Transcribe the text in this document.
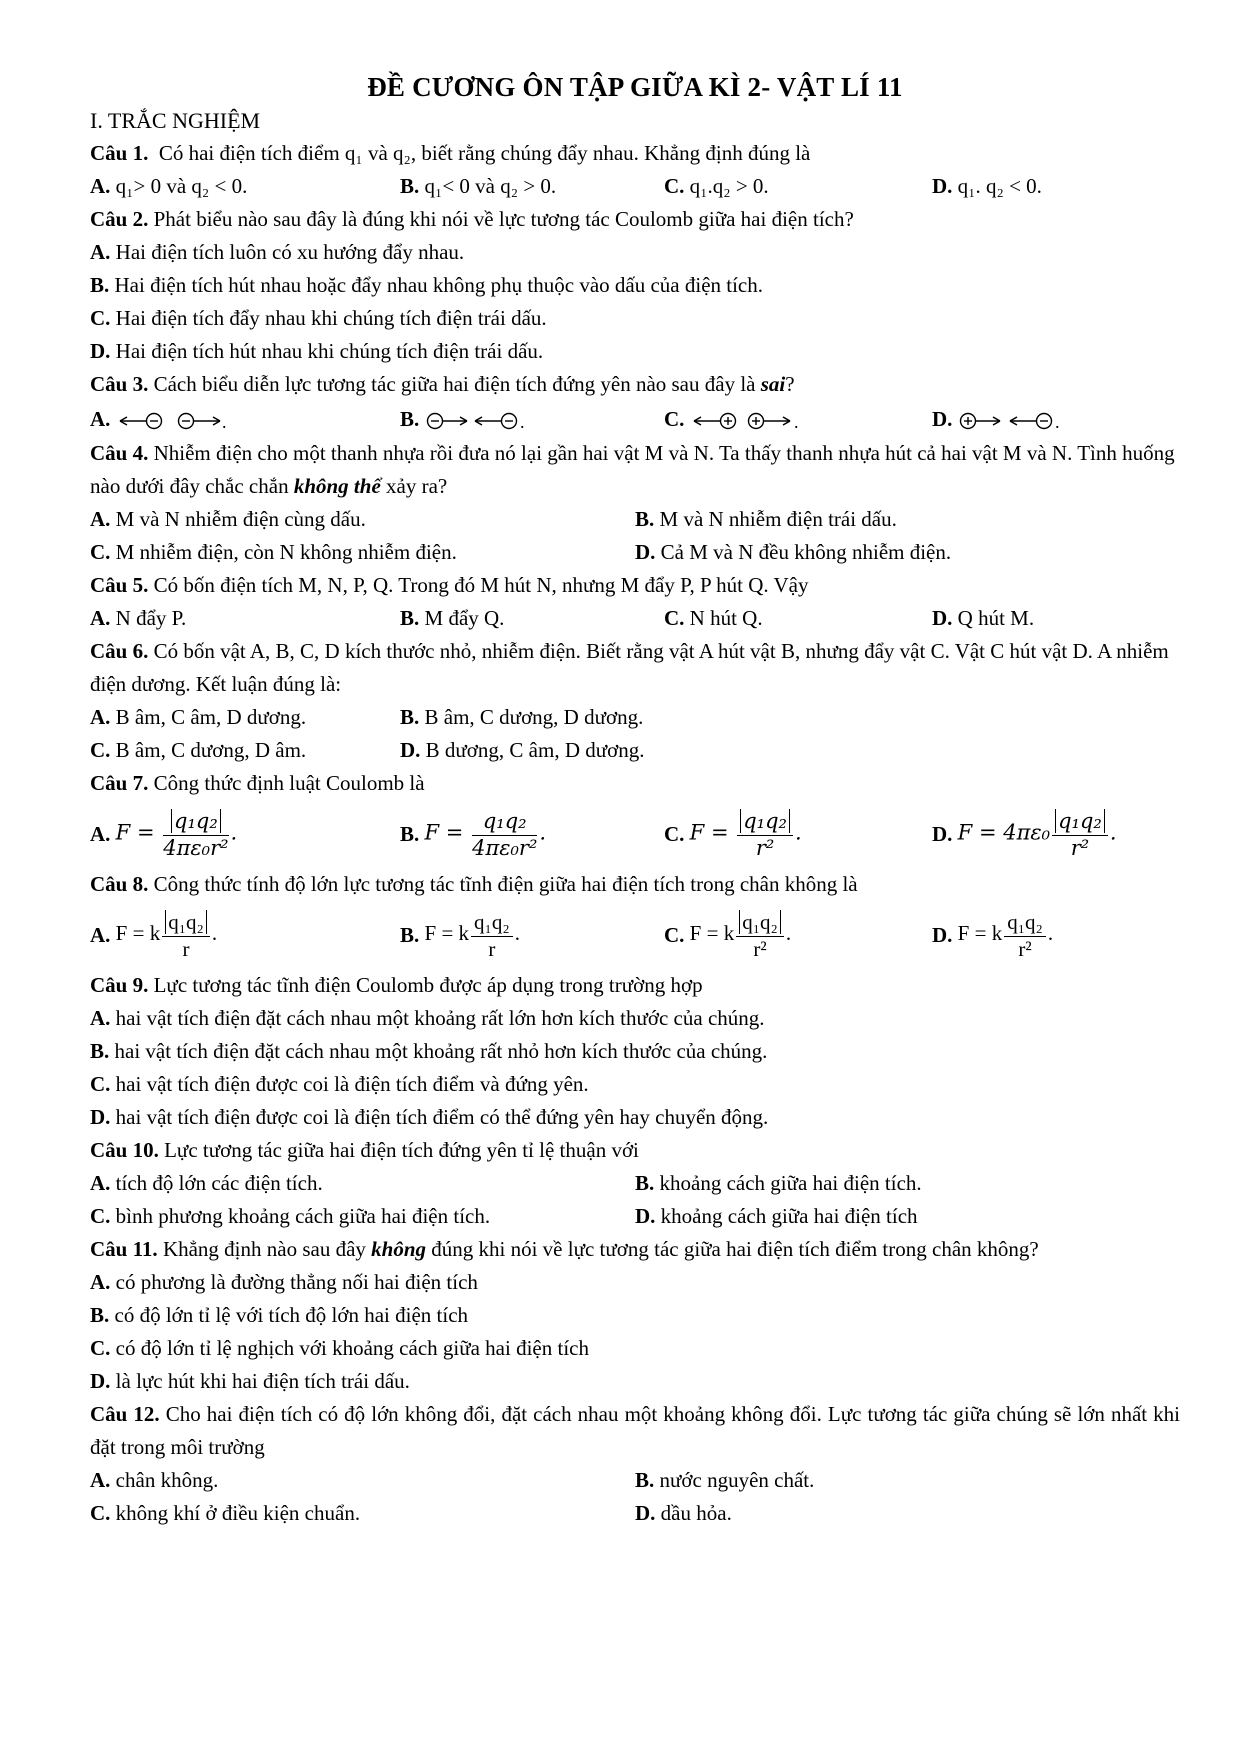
ĐỀ CƯƠNG ÔN TẬP GIỮA KÌ 2- VẬT LÍ 11
I. TRẮC NGHIỆM
Câu 1. Có hai điện tích điểm q₁ và q₂, biết rằng chúng đẩy nhau. Khẳng định đúng là
A. q₁> 0 và q₂ < 0.	B. q₁< 0 và q₂ > 0.	C. q₁.q₂ > 0.	D. q₁. q₂ < 0.
Câu 2. Phát biểu nào sau đây là đúng khi nói về lực tương tác Coulomb giữa hai điện tích?
A. Hai điện tích luôn có xu hướng đẩy nhau.
B. Hai điện tích hút nhau hoặc đẩy nhau không phụ thuộc vào dấu của điện tích.
C. Hai điện tích đẩy nhau khi chúng tích điện trái dấu.
D. Hai điện tích hút nhau khi chúng tích điện trái dấu.
Câu 3. Cách biểu diễn lực tương tác giữa hai điện tích đứng yên nào sau đây là sai?
A.	.	B.	.	C.	.	D.	.
Câu 4. Nhiễm điện cho một thanh nhựa rồi đưa nó lại gần hai vật M và N. Ta thấy thanh nhựa hút cả hai vật M và N. Tình huống nào dưới đây chắc chắn không thể xảy ra?
A. M và N nhiễm điện cùng dấu.	B. M và N nhiễm điện trái dấu.
C. M nhiễm điện, còn N không nhiễm điện.	D. Cả M và N đều không nhiễm điện.
Câu 5. Có bốn điện tích M, N, P, Q. Trong đó M hút N, nhưng M đẩy P, P hút Q. Vậy
A. N đẩy P.	B. M đẩy Q.	C. N hút Q.	D. Q hút M.
Câu 6. Có bốn vật A, B, C, D kích thước nhỏ, nhiễm điện. Biết rằng vật A hút vật B, nhưng đẩy vật C. Vật C hút vật D. A nhiễm điện dương. Kết luận đúng là:
A. B âm, C âm, D dương.	B. B âm, C dương, D dương.
C. B âm, C dương, D âm.	D. B dương, C âm, D dương.
Câu 7. Công thức định luật Coulomb là
A.
$F = \frac{\text{q₁q₂}}{\text{4πε₀r²}}$ .	B.
$F = \frac{\text{q₁q₂}}{\text{4πε₀r²}}$ .	C.
$F = \frac{\text{q₁q₂}}{\text{r²}}$ .	D.
$F = 4\pi\varepsilon_0 \frac{\text{q₁q₂}}{\text{r²}}$ .
Câu 8. Công thức tính độ lớn lực tương tác tĩnh điện giữa hai điện tích trong chân không là
A.
F = k $\frac{\text{q₁q₂}}{r}$ .	B.
F = k $\frac{\text{q₁q₂}}{r}$ .	C.
F = k $\frac{\text{q₁q₂}}{\text{r²}}$ .	D.
F = k $\frac{\text{q₁q₂}}{\text{r²}}$ .
Câu 9. Lực tương tác tĩnh điện Coulomb được áp dụng trong trường hợp
A. hai vật tích điện đặt cách nhau một khoảng rất lớn hơn kích thước của chúng.
B. hai vật tích điện đặt cách nhau một khoảng rất nhỏ hơn kích thước của chúng.
C. hai vật tích điện được coi là điện tích điểm và đứng yên.
D. hai vật tích điện được coi là điện tích điểm có thể đứng yên hay chuyển động.
Câu 10. Lực tương tác giữa hai điện tích đứng yên tỉ lệ thuận với
A. tích độ lớn các điện tích.	B. khoảng cách giữa hai điện tích.
C. bình phương khoảng cách giữa hai điện tích.	D. khoảng cách giữa hai điện tích
Câu 11. Khẳng định nào sau đây không đúng khi nói về lực tương tác giữa hai điện tích điểm trong chân không?
A. có phương là đường thẳng nối hai điện tích
B. có độ lớn tỉ lệ với tích độ lớn hai điện tích
C. có độ lớn tỉ lệ nghịch với khoảng cách giữa hai điện tích
D. là lực hút khi hai điện tích trái dấu.
Câu 12. Cho hai điện tích có độ lớn không đổi, đặt cách nhau một khoảng không đổi. Lực tương tác giữa chúng sẽ lớn nhất khi đặt trong môi trường
A. chân không.	B. nước nguyên chất.
C. không khí ở điều kiện chuẩn.	D. dầu hỏa.
